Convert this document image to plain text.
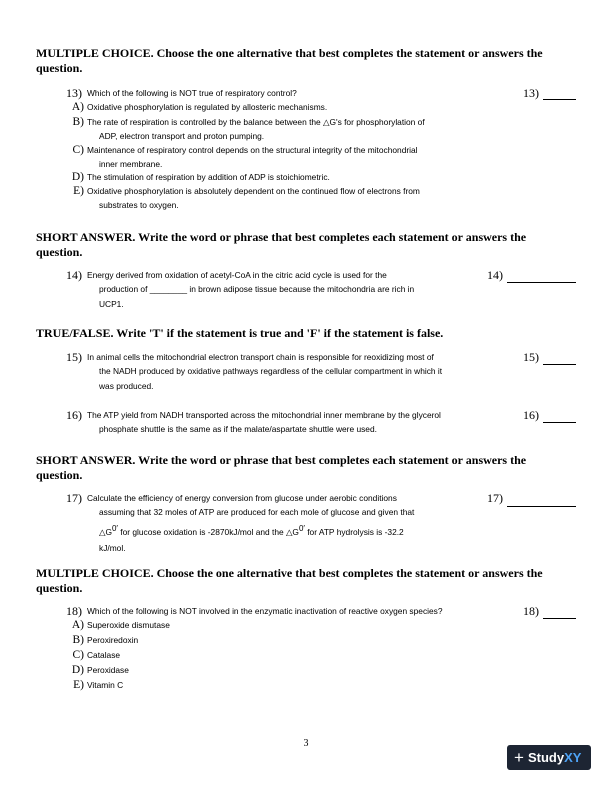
MULTIPLE CHOICE. Choose the one alternative that best completes the statement or answers the question.
13) Which of the following is NOT true of respiratory control?	13)
A) Oxidative phosphorylation is regulated by allosteric mechanisms.
B) The rate of respiration is controlled by the balance between the △G's for phosphorylation of
ADP, electron transport and proton pumping.
C) Maintenance of respiratory control depends on the structural integrity of the mitochondrial
inner membrane.
D) The stimulation of respiration by addition of ADP is stoichiometric.
E) Oxidative phosphorylation is absolutely dependent on the continued flow of electrons from
substrates to oxygen.
SHORT ANSWER. Write the word or phrase that best completes each statement or answers the question.
14) Energy derived from oxidation of acetyl-CoA in the citric acid cycle is used for the
production of ________ in brown adipose tissue because the mitochondria are rich in
UCP1.
14)
TRUE/FALSE. Write 'T' if the statement is true and 'F' if the statement is false.
15) In animal cells the mitochondrial electron transport chain is responsible for reoxidizing most of
the NADH produced by oxidative pathways regardless of the cellular compartment in which it
was produced.
15)
16) The ATP yield from NADH transported across the mitochondrial inner membrane by the glycerol
phosphate shuttle is the same as if the malate/aspartate shuttle were used.
16)
SHORT ANSWER. Write the word or phrase that best completes each statement or answers the question.
17) Calculate the efficiency of energy conversion from glucose under aerobic conditions
assuming that 32 moles of ATP are produced for each mole of glucose and given that
$\triangle G^{0'}$ for glucose oxidation is -2870kJ/mol and the $\triangle G^{0'}$ for ATP hydrolysis is -32.2
kJ/mol.
17)
MULTIPLE CHOICE. Choose the one alternative that best completes the statement or answers the question.
18) Which of the following is NOT involved in the enzymatic inactivation of reactive oxygen species?	18)
A) Superoxide dismutase
B) Peroxiredoxin
C) Catalase
D) Peroxidase
E) Vitamin C
3
+ Study XY
